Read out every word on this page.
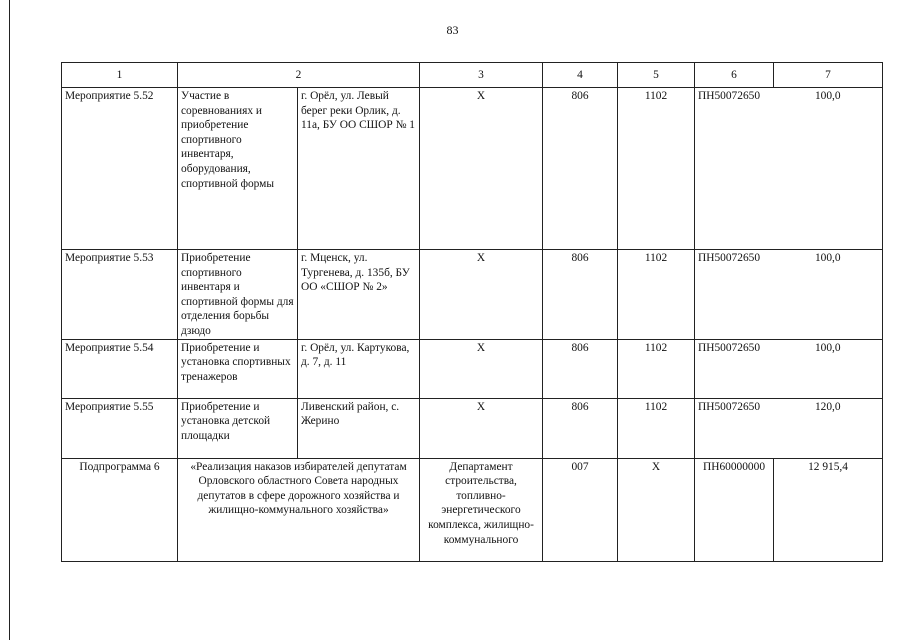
83
1	2		3	4	5	6	7
Мероприятие 5.52	Участие в соревнованиях и приобретение спортивного инвентаря, оборудования, спортивной формы	г. Орёл, ул. Левый берег реки Орлик, д. 11а, БУ ОО СШОР № 1	Х	806	1102	ПН50072650	100,0
Мероприятие 5.53	Приобретение спортивного инвентаря и спортивной формы для отделения борьбы дзюдо	г. Мценск, ул. Тургенева, д. 135б, БУ ОО «СШОР № 2»	Х	806	1102	ПН50072650	100,0
Мероприятие 5.54	Приобретение и установка спортивных тренажеров	г. Орёл, ул. Картукова, д. 7, д. 11	Х	806	1102	ПН50072650	100,0
Мероприятие 5.55	Приобретение и установка детской площадки	Ливенский район, с. Жерино	Х	806	1102	ПН50072650	120,0
Подпрограмма 6	«Реализация наказов избирателей депутатам Орловского областного Совета народных депутатов в сфере дорожного хозяйства и жилищно-коммунального хозяйства»		Департамент строительства, топливно-энергетического комплекса, жилищно-коммунального	007	Х	ПН60000000	12 915,4
